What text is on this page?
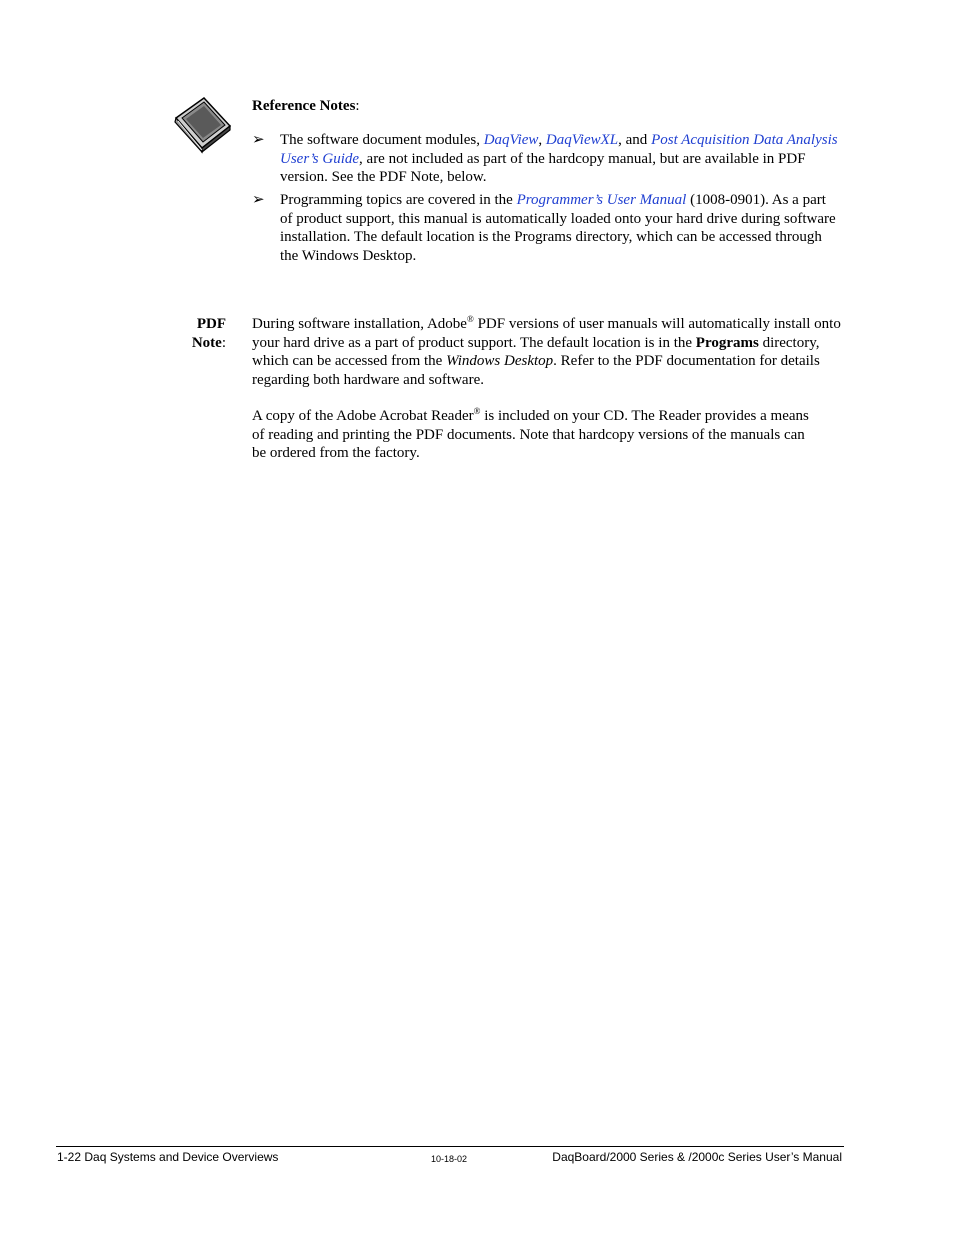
Reference Notes:
➢ The software document modules, DaqView, DaqViewXL, and Post Acquisition Data Analysis User’s Guide, are not included as part of the hardcopy manual, but are available in PDF version. See the PDF Note, below.
➢ Programming topics are covered in the Programmer’s User Manual (1008-0901). As a part of product support, this manual is automatically loaded onto your hard drive during software installation. The default location is the Programs directory, which can be accessed through the Windows Desktop.
PDF
Note:
During software installation, Adobe® PDF versions of user manuals will automatically install onto your hard drive as a part of product support. The default location is in the Programs directory, which can be accessed from the Windows Desktop. Refer to the PDF documentation for details regarding both hardware and software.
A copy of the Adobe Acrobat Reader® is included on your CD. The Reader provides a means of reading and printing the PDF documents. Note that hardcopy versions of the manuals can be ordered from the factory.
1-22 Daq Systems and Device Overviews	10-18-02	DaqBoard/2000 Series & /2000c Series User’s Manual
